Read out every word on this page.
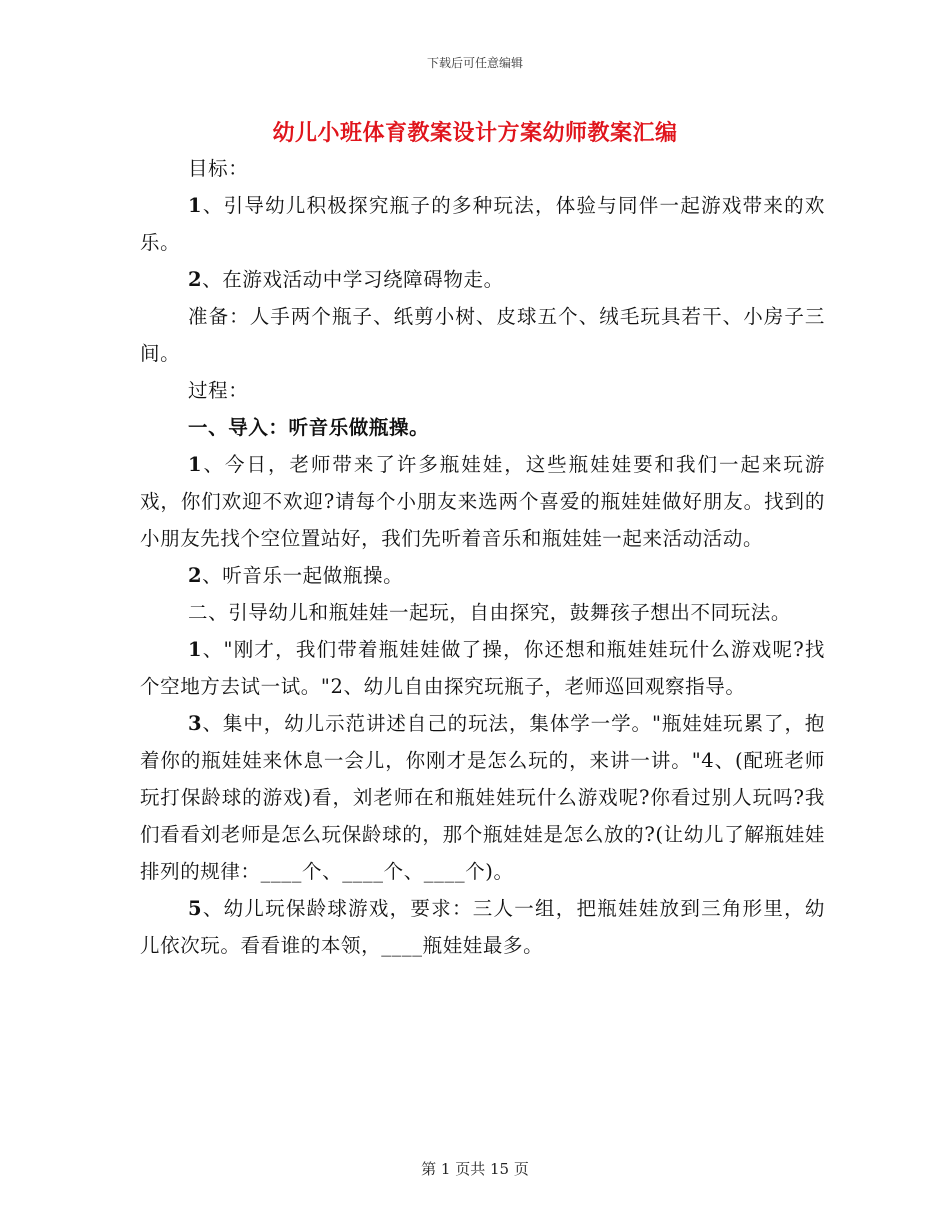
下载后可任意编辑
幼儿小班体育教案设计方案幼师教案汇编

目标：

1、引导幼儿积极探究瓶子的多种玩法，体验与同伴一起游戏带来的欢乐。

2、在游戏活动中学习绕障碍物走。

准备：人手两个瓶子、纸剪小树、皮球五个、绒毛玩具若干、小房子三间。

过程：

一、导入：听音乐做瓶操。

1、今日，老师带来了许多瓶娃娃，这些瓶娃娃要和我们一起来玩游戏，你们欢迎不欢迎?请每个小朋友来选两个喜爱的瓶娃娃做好朋友。找到的小朋友先找个空位置站好，我们先听着音乐和瓶娃娃一起来活动活动。

2、听音乐一起做瓶操。

二、引导幼儿和瓶娃娃一起玩，自由探究，鼓舞孩子想出不同玩法。

1、"刚才，我们带着瓶娃娃做了操，你还想和瓶娃娃玩什么游戏呢?找个空地方去试一试。"2、幼儿自由探究玩瓶子，老师巡回观察指导。

3、集中，幼儿示范讲述自己的玩法，集体学一学。"瓶娃娃玩累了，抱着你的瓶娃娃来休息一会儿，你刚才是怎么玩的，来讲一讲。"4、(配班老师玩打保龄球的游戏)看，刘老师在和瓶娃娃玩什么游戏呢?你看过别人玩吗?我们看看刘老师是怎么玩保龄球的，那个瓶娃娃是怎么放的?(让幼儿了解瓶娃娃排列的规律：____个、____个、____个)。

5、幼儿玩保龄球游戏，要求：三人一组，把瓶娃娃放到三角形里，幼儿依次玩。看看谁的本领，____瓶娃娃最多。

第 1 页共 15 页
